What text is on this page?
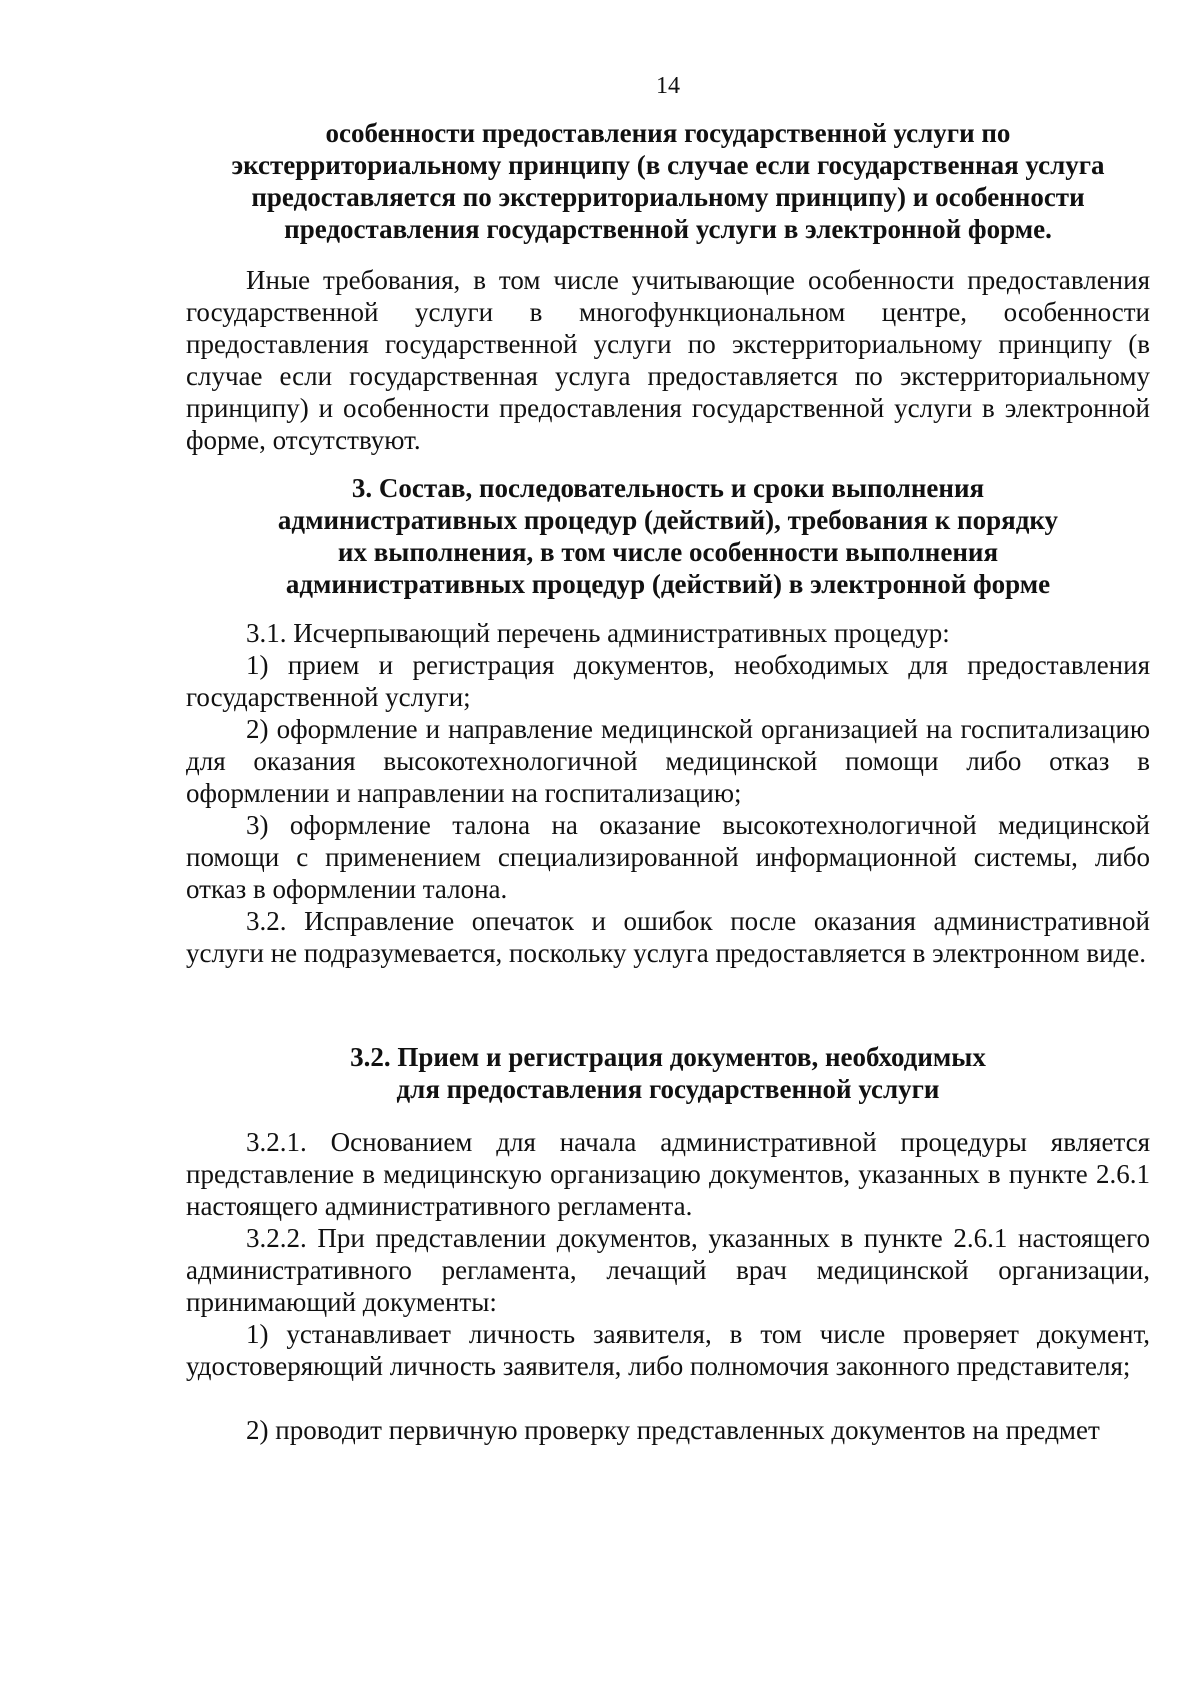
14
особенности предоставления государственной услуги по
экстерриториальному принципу (в случае если государственная услуга
предоставляется по экстерриториальному принципу) и особенности
предоставления государственной услуги в электронной форме.

Иные требования, в том числе учитывающие особенности предоставления государственной услуги в многофункциональном центре, особенности предоставления государственной услуги по экстерриториальному принципу (в случае если государственная услуга предоставляется по экстерриториальному принципу) и особенности предоставления государственной услуги в электронной форме, отсутствуют.

3. Состав, последовательность и сроки выполнения
административных процедур (действий), требования к порядку
их выполнения, в том числе особенности выполнения
административных процедур (действий) в электронной форме

3.1. Исчерпывающий перечень административных процедур:

1) прием и регистрация документов, необходимых для предоставления государственной услуги;

2) оформление и направление медицинской организацией на госпитализацию для оказания высокотехнологичной медицинской помощи либо отказ в оформлении и направлении на госпитализацию;

3) оформление талона на оказание высокотехнологичной медицинской помощи с применением специализированной информационной системы, либо отказ в оформлении талона.

3.2. Исправление опечаток и ошибок после оказания административной услуги не подразумевается, поскольку услуга предоставляется в электронном виде.

3.2. Прием и регистрация документов, необходимых
для предоставления государственной услуги

3.2.1. Основанием для начала административной процедуры является представление в медицинскую организацию документов, указанных в пункте 2.6.1 настоящего административного регламента.

3.2.2. При представлении документов, указанных в пункте 2.6.1 настоящего административного регламента, лечащий врач медицинской организации, принимающий документы:

1) устанавливает личность заявителя, в том числе проверяет документ, удостоверяющий личность заявителя, либо полномочия законного представителя;

2) проводит первичную проверку представленных документов на предмет
